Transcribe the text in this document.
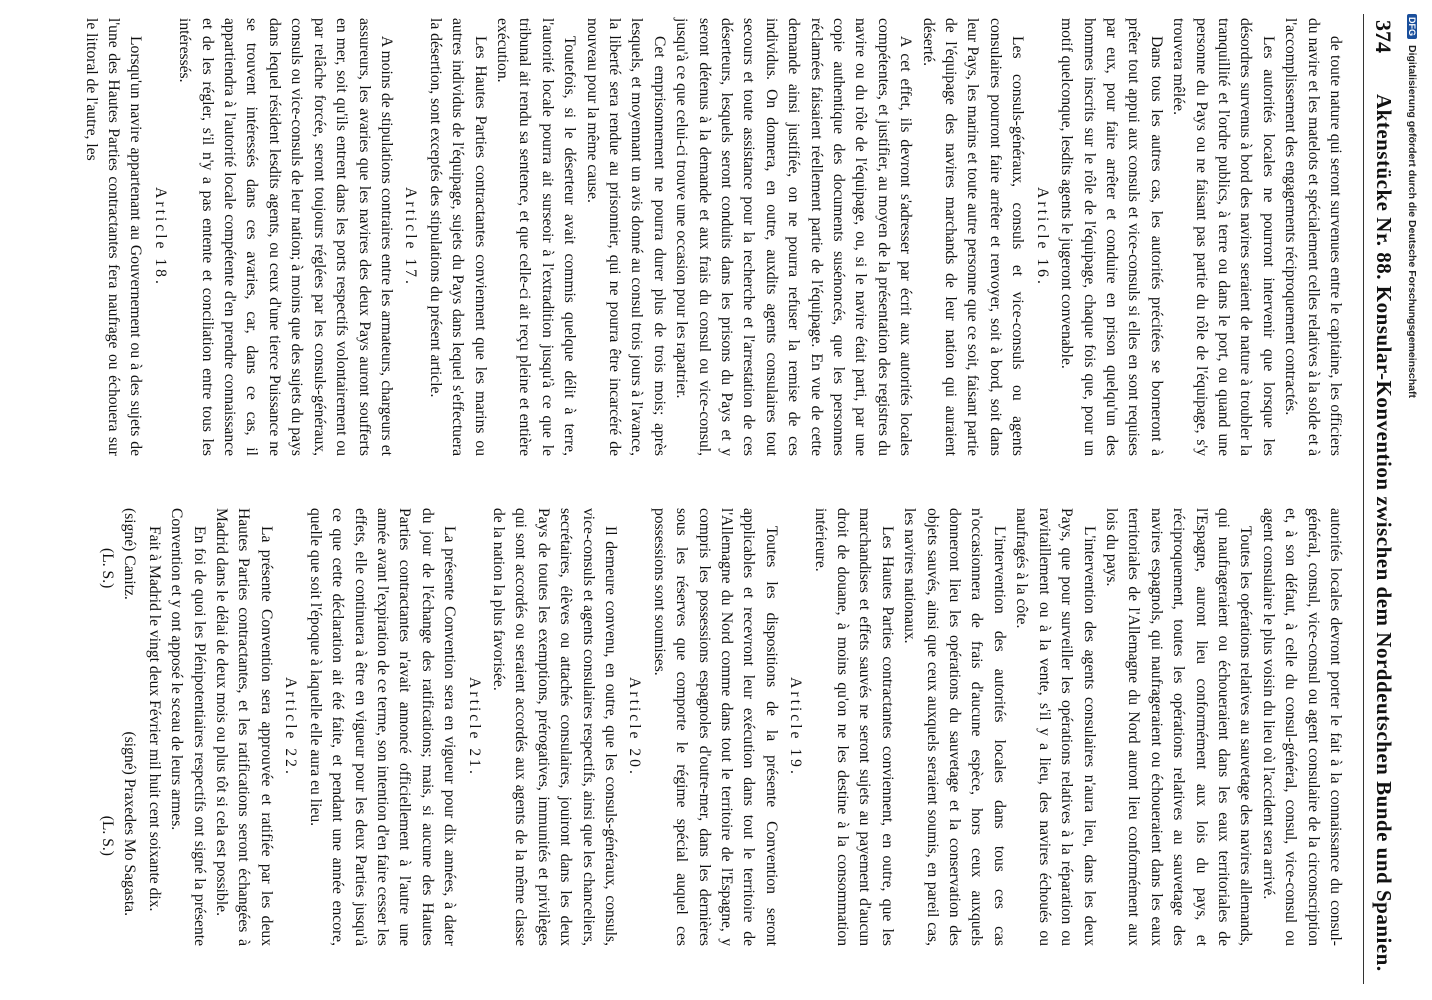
374
Aktenstücke Nr. 88. Konsular-Konvention zwischen dem Norddeutschen Bunde und Spanien.

de toute nature qui seront survenues entre le capitaine, les officiers du navire et les matelots et spécialement celles relatives à la solde et à l'accomplissement des engagements réciproquement contractés.

Les autorités locales ne pourront intervenir que lorsque les désordres survenus à bord des navires seraient de nature à troubler la tranquillité et l'ordre publics, à terre ou dans le port, ou quand une personne du Pays ou ne faisant pas partie du rôle de l'équipage, s'y trouvera mêlée.

Dans tous les autres cas, les autorités précitées se borneront à prêter tout appui aux consuls et vice-consuls si elles en sont requises par eux, pour faire arrêter et conduire en prison quelqu'un des hommes inscrits sur le rôle de l'équipage, chaque fois que, pour un motif quelconque, lesdits agents le jugeront convenable.

Article 16.

Les consuls-généraux, consuls et vice-consuls ou agents consulaires pourront faire arrêter et renvoyer, soit à bord, soit dans leur Pays, les marins et toute autre personne que ce soit, faisant partie de l'équipage des navires marchands de leur nation qui auraient déserté.

A cet effet, ils devront s'adresser par écrit aux autorités locales compétentes, et justifier, au moyen de la présentation des registres du navire ou du rôle de l'équipage, ou, si le navire était parti, par une copie authentique des documents susénoncés, que les personnes réclamées faisaient réellement partie de l'équipage. En vue de cette demande ainsi justifiée, on ne pourra refuser la remise de ces individus. On donnera, en outre, auxdits agents consulaires tout secours et toute assistance pour la recherche et l'arrestation de ces déserteurs, lesquels seront conduits dans les prisons du Pays et y seront détenus à la demande et aux frais du consul ou vice-consul, jusqu'à ce que celui-ci trouve une occasion pour les rapatrier.

Cet emprisonnement ne pourra durer plus de trois mois; après lesquels, et moyennant un avis donné au consul trois jours à l'avance, la liberté sera rendue au prisonnier, qui ne pourra être incarcéré de nouveau pour la même cause.

Toutefois, si le déserteur avait commis quelque délit à terre, l'autorité locale pourra ait surseoir à l'extradition jusqu'à ce que le tribunal ait rendu sa sentence, et que celle-ci ait reçu pleine et entière exécution.

Les Hautes Parties contractantes conviennent que les marins ou autres individus de l'équipage, sujets du Pays dans lequel s'effectuera la désertion, sont exceptés des stipulations du présent article.

Article 17.

A moins de stipulations contraires entre les armateurs, chargeurs et assureurs, les avaries que les navires des deux Pays auront soufferts en mer, soit qu'ils entrent dans les ports respectifs volontairement ou par relâche forcée, seront toujours réglées par les consuls-généraux, consuls ou vice-consuls de leur nation; à moins que des sujets du pays dans lequel résident lesdits agents, ou ceux d'une tierce Puissance ne se trouvent intéressés dans ces avaries, car, dans ce cas, il appartiendra à l'autorité locale compétente d'en prendre connaissance et de les régler, s'il n'y a pas entente et conciliation entre tous les intéressés.

Article 18.

Lorsqu'un navire appartenant au Gouvernement ou à des sujets de l'une des Hautes Parties contractantes fera naufrage ou échouera sur le littoral de l'autre, les

autorités locales devront porter le fait à la connaissance du consul-général, consul, vice-consul ou agent consulaire de la circonscription et, à son défaut, à celle du consul-général, consul, vice-consul ou agent consulaire le plus voisin du lieu où l'accident sera arrivé.

Toutes les opérations relatives au sauvetage des navires allemands, qui naufrageraient ou échoueraient dans les eaux territoriales de l'Espagne, auront lieu conformément aux lois du pays, et réciproquement, toutes les opérations relatives au sauvetage des navires espagnols, qui naufrageraient ou échoueraient dans les eaux territoriales de l'Allemagne du Nord auront lieu conformément aux lois du pays.

L'intervention des agents consulaires n'aura lieu, dans les deux Pays, que pour surveiller les opérations relatives à la réparation ou ravitaillement ou à la vente, s'il y a lieu, des navires échoués ou naufragés à la côte.

L'intervention des autorités locales dans tous ces cas n'occasionnera de frais d'aucune espèce, hors ceux auxquels donneront lieu les opérations du sauvetage et la conservation des objets sauvés, ainsi que ceux auxquels seraient soumis, en pareil cas, les navires nationaux.

Les Hautes Parties contractantes conviennent, en outre, que les marchandises et effets sauvés ne seront sujets au payement d'aucun droit de douane, à moins qu'on ne les destine à la consommation intérieure.

Article 19.

Toutes les dispositions de la présente Convention seront applicables et recevront leur exécution dans tout le territoire de l'Allemagne du Nord comme dans tout le territoire de l'Espagne, y compris les possessions espagnoles d'outre-mer, dans les dernières sous les réserves que comporte le régime spécial auquel ces possessions sont soumises.

Article 20.

Il demeure convenu, en outre, que les consuls-généraux, consuls, vice-consuls et agents consulaires respectifs, ainsi que les chanceliers, secrétaires, élèves ou attachés consulaires, jouiront dans les deux Pays de toutes les exemptions, prérogatives, immunités et privilèges qui sont accordés ou seraient accordés aux agents de la même classe de la nation la plus favorisée.

Article 21.

La présente Convention sera en vigueur pour dix années, à dater du jour de l'échange des ratifications; mais, si aucune des Hautes Parties contractantes n'avait annoncé officiellement à l'autre une année avant l'expiration de ce terme, son intention d'en faire cesser les effets, elle continuera à être en vigueur pour les deux Parties jusqu'à ce que cette déclaration ait été faite, et pendant une année encore, quelle que soit l'époque à laquelle elle aura eu lieu.

Article 22.

La présente Convention sera approuvée et ratifiée par les deux Hautes Parties contractantes, et les ratifications seront échangées à Madrid dans le délai de deux mois ou plus tôt si cela est possible.

En foi de quoi les Plénipotentiaires respectifs ont signé la présente Convention et y ont apposé le sceau de leurs armes.

Fait à Madrid le vingt deux Février mil huit cent soixante dix.

(signé) Canitz.
(signé) Praxedes Mo Sagasta.
(L. S.)
(L. S.)
DFGDigitalisierung gefördert durch die Deutsche Forschungsgemeinschaft
